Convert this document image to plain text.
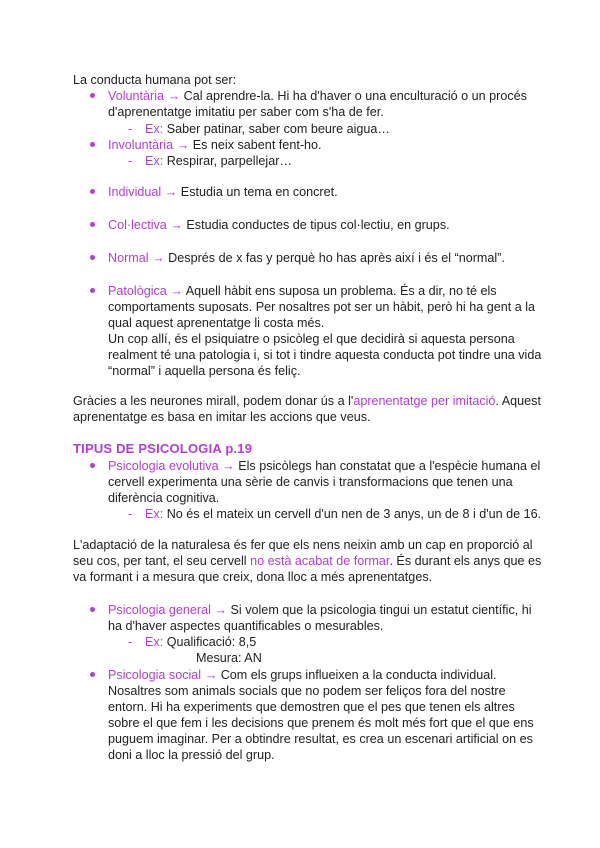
La conducta humana pot ser:
Voluntària → Cal aprendre-la. Hi ha d'haver o una enculturació o un procés
d'aprenentatge imitatiu per saber com s'ha de fer.
- Ex: Saber patinar, saber com beure aigua…
Involuntària → Es neix sabent fent-ho.
- Ex: Respirar, parpellejar…
Individual → Estudia un tema en concret.
Col·lectiva → Estudia conductes de tipus col·lectiu, en grups.
Normal → Després de x fas y perquè ho has après així i és el “normal”.
Patològica → Aquell hàbit ens suposa un problema. És a dir, no té els
comportaments suposats. Per nosaltres pot ser un hàbit, però hi ha gent a la
qual aquest aprenentatge li costa més.
Un cop allí, és el psiquiatre o psicòleg el que decidirà si aquesta persona
realment té una patologia i, si tot i tindre aquesta conducta pot tindre una vida
“normal” i aquella persona és feliç.
Gràcies a les neurones mirall, podem donar ús a l'aprenentatge per imitació. Aquest
aprenentatge es basa en imitar les accions que veus.
TIPUS DE PSICOLOGIA p.19
Psicologia evolutiva → Els psicòlegs han constatat que a l'espècie humana el
cervell experimenta una sèrie de canvis i transformacions que tenen una
diferència cognitiva.
- Ex: No és el mateix un cervell d'un nen de 3 anys, un de 8 i d'un de 16.
L'adaptació de la naturalesa és fer que els nens neixin amb un cap en proporció al
seu cos, per tant, el seu cervell no està acabat de formar. És durant els anys que es
va formant i a mesura que creix, dona lloc a més aprenentatges.
Psicologia general → Si volem que la psicologia tingui un estatut científic, hi
ha d'haver aspectes quantificables o mesurables.
- Ex: Qualificació: 8,5
Mesura: AN
Psicologia social → Com els grups influeixen a la conducta individual.
Nosaltres som animals socials que no podem ser feliços fora del nostre
entorn. Hi ha experiments que demostren que el pes que tenen els altres
sobre el que fem i les decisions que prenem és molt més fort que el que ens
puguem imaginar. Per a obtindre resultat, es crea un escenari artificial on es
doni a lloc la pressió del grup.
